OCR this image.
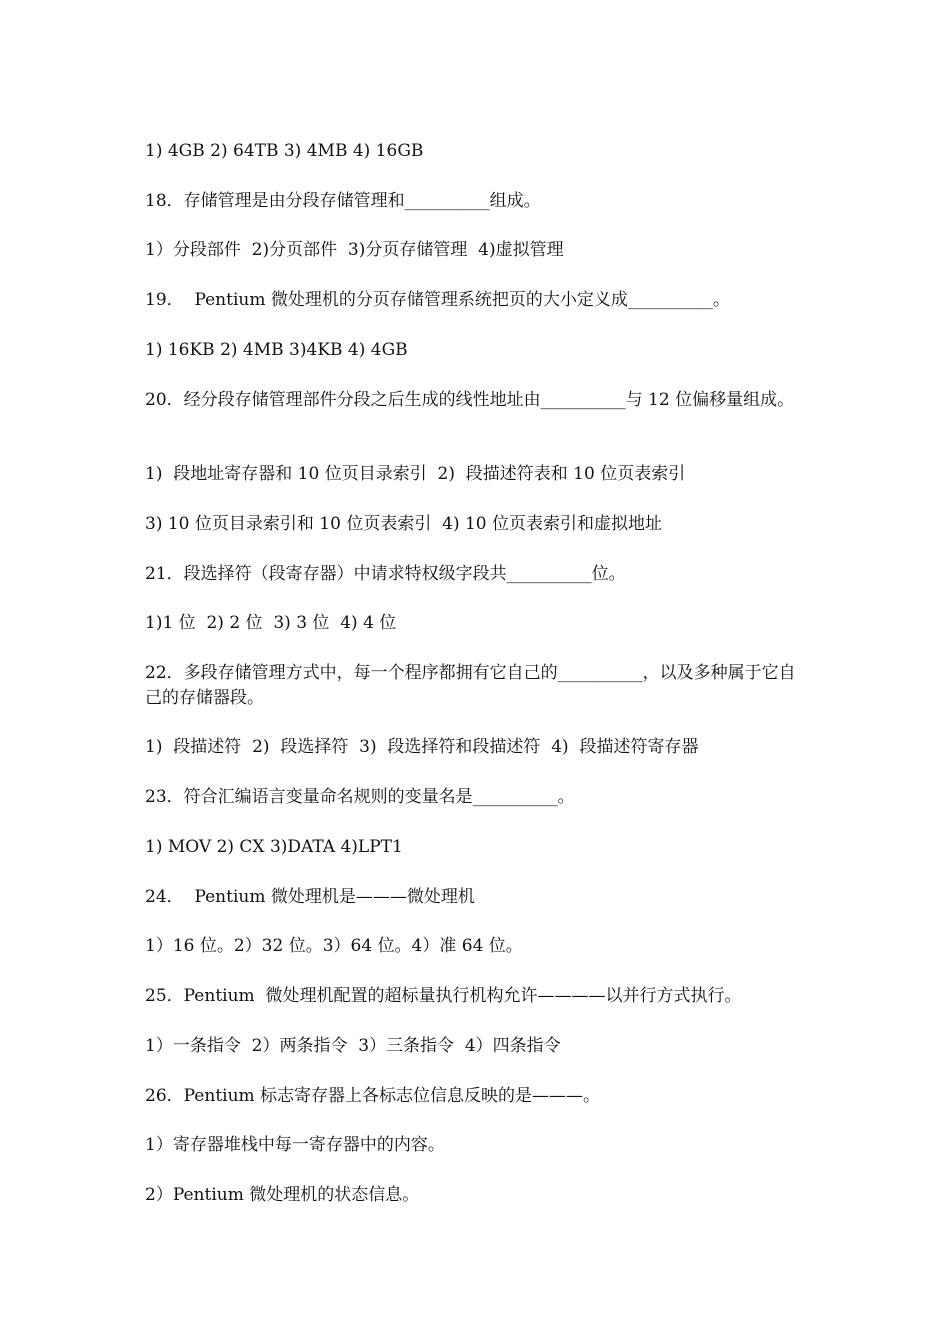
1) 4GB 2) 64TB 3) 4MB 4) 16GB
18．存储管理是由分段存储管理和__________组成。
1）分段部件  2)分页部件  3)分页存储管理  4)虚拟管理
19．  Pentium 微处理机的分页存储管理系统把页的大小定义成__________。
1) 16KB 2) 4MB 3)4KB 4) 4GB
20．经分段存储管理部件分段之后生成的线性地址由__________与 12 位偏移量组成。
1)  段地址寄存器和 10 位页目录索引  2)  段描述符表和 10 位页表索引
3) 10 位页目录索引和 10 位页表索引  4) 10 位页表索引和虚拟地址
21．段选择符（段寄存器）中请求特权级字段共__________位。
1)1 位  2) 2 位  3) 3 位  4) 4 位
22．多段存储管理方式中，每一个程序都拥有它自己的__________，以及多种属于它自己的存储器段。
1)  段描述符  2)  段选择符  3)  段选择符和段描述符  4)  段描述符寄存器
23．符合汇编语言变量命名规则的变量名是__________。
1) MOV 2) CX 3)DATA 4)LPT1
24．  Pentium 微处理机是———微处理机
1）16 位。2）32 位。3）64 位。4）准 64 位。
25．Pentium  微处理机配置的超标量执行机构允许————以并行方式执行。
1）一条指令  2）两条指令  3）三条指令  4）四条指令
26．Pentium 标志寄存器上各标志位信息反映的是———。
1）寄存器堆栈中每一寄存器中的内容。
2）Pentium 微处理机的状态信息。
